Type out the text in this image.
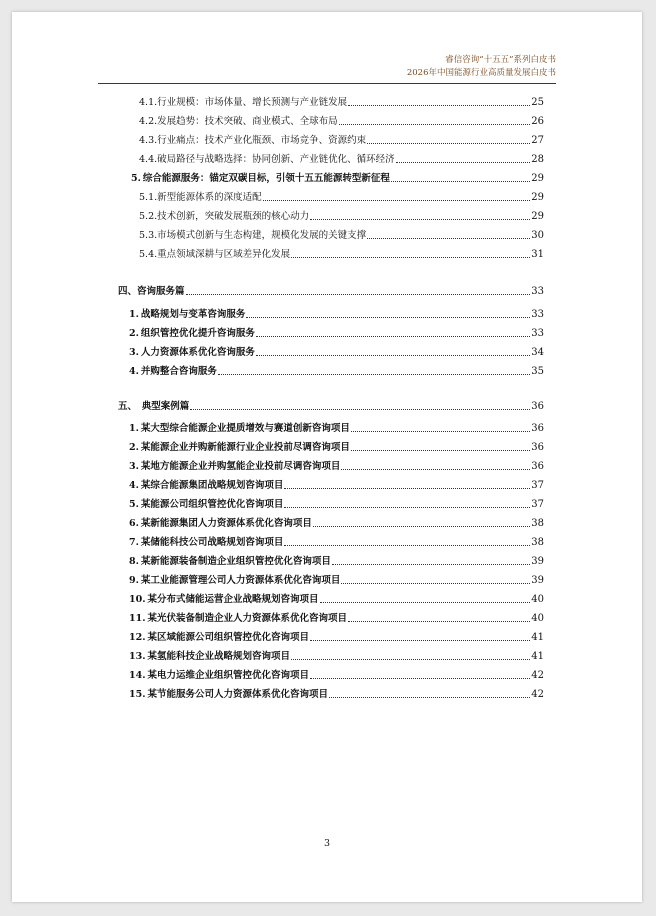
睿信咨询“十五五”系列白皮书
2026年中国能源行业高质量发展白皮书
4.1.行业规模：市场体量、增长预测与产业链发展	25
4.2.发展趋势：技术突破、商业模式、全球布局	26
4.3.行业痛点：技术产业化瓶颈、市场竞争、资源约束	27
4.4.破局路径与战略选择：协同创新、产业链优化、循环经济	28
5. 综合能源服务：锚定双碳目标，引领十五五能源转型新征程	29
5.1.新型能源体系的深度适配	29
5.2.技术创新，突破发展瓶颈的核心动力	29
5.3.市场模式创新与生态构建，规模化发展的关键支撑	30
5.4.重点领域深耕与区域差异化发展	31
四、咨询服务篇	33
1. 战略规划与变革咨询服务	33
2. 组织管控优化提升咨询服务	33
3. 人力资源体系优化咨询服务	34
4. 并购整合咨询服务	35
五、　典型案例篇	36
1. 某大型综合能源企业提质增效与赛道创新咨询项目	36
2. 某能源企业并购新能源行业企业投前尽调咨询项目	36
3. 某地方能源企业并购氢能企业投前尽调咨询项目	36
4. 某综合能源集团战略规划咨询项目	37
5. 某能源公司组织管控优化咨询项目	37
6. 某新能源集团人力资源体系优化咨询项目	38
7. 某储能科技公司战略规划咨询项目	38
8. 某新能源装备制造企业组织管控优化咨询项目	39
9. 某工业能源管理公司人力资源体系优化咨询项目	39
10. 某分布式储能运营企业战略规划咨询项目	40
11. 某光伏装备制造企业人力资源体系优化咨询项目	40
12. 某区域能源公司组织管控优化咨询项目	41
13. 某氢能科技企业战略规划咨询项目	41
14. 某电力运维企业组织管控优化咨询项目	42
15. 某节能服务公司人力资源体系优化咨询项目	42
3
